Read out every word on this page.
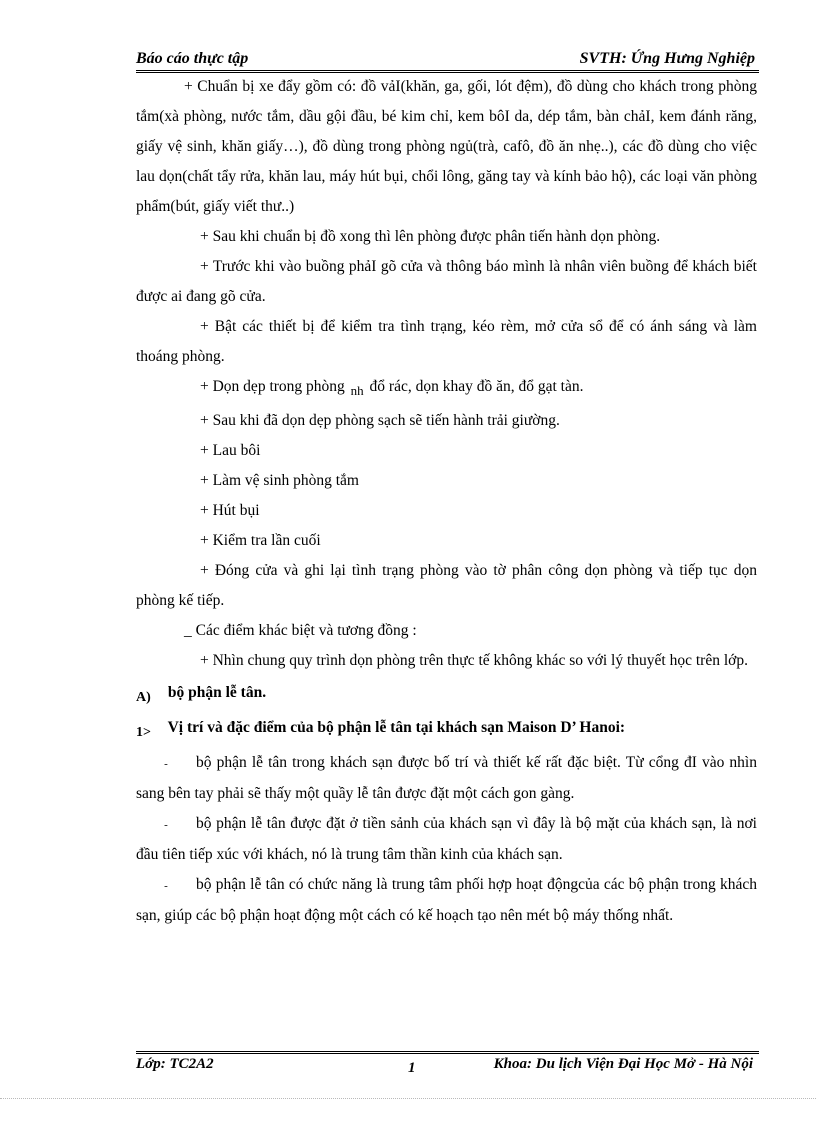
Báo cáo thực tập	SVTH: Ứng Hưng Nghiệp

+ Chuẩn bị xe đẩy gồm có: đồ vảI(khăn, ga, gối, lót đệm), đồ dùng cho khách trong phòng tắm(xà phòng, nước tắm, dầu gội đầu, bé kim chỉ, kem bôI da, dép tắm, bàn chảI, kem đánh răng, giấy vệ sinh, khăn giấy…), đồ dùng trong phòng ngủ(trà, cafô, đồ ăn nhẹ..), các đồ dùng cho việc lau dọn(chất tẩy rửa, khăn lau, máy hút bụi, chổi lông, găng tay và kính bảo hộ), các loại văn phòng phẩm(bút, giấy viết thư..)

+ Sau khi chuẩn bị đồ xong thì lên phòng được phân tiến hành dọn phòng.

+ Trước khi vào buồng phảI gõ cửa và thông báo mình là nhân viên buồng để khách biết được ai đang gõ cửa.

+ Bật các thiết bị để kiểm tra tình trạng, kéo rèm, mở cửa sổ để có ánh sáng và làm thoáng phòng.

+ Dọn dẹp trong phòng $_{nh}$ đổ rác, dọn khay đồ ăn, đổ gạt tàn.

+ Sau khi đã dọn dẹp phòng sạch sẽ tiến hành trải giường.

+ Lau bôi

+ Làm vệ sinh phòng tắm

+ Hút bụi

+ Kiểm tra lần cuối

+ Đóng cửa và ghi lại tình trạng phòng vào tờ phân công dọn phòng và tiếp tục dọn phòng kế tiếp.

_ Các điểm khác biệt và tương đồng :

+ Nhìn chung quy trình dọn phòng trên thực tế không khác so với lý thuyết học trên lớp.

A) bộ phận lễ tân.

1> Vị trí và đặc điểm của bộ phận lễ tân tại khách sạn Maison D’ Hanoi:

- bộ phận lễ tân trong khách sạn được bố trí và thiết kế rất đặc biệt. Từ cổng đI vào nhìn sang bên tay phải sẽ thấy một quầy lễ tân được đặt một cách gon gàng.

- bộ phận lễ tân được đặt ở tiền sảnh của khách sạn vì đây là bộ mặt của khách sạn, là nơi đầu tiên tiếp xúc với khách, nó là trung tâm thần kinh của khách sạn.

- bộ phận lễ tân có chức năng là trung tâm phối hợp hoạt độngcủa các bộ phận trong khách sạn, giúp các bộ phận hoạt động một cách có kế hoạch tạo nên mét bộ máy thống nhất.

Lớp: TC2A2	1	Khoa: Du lịch Viện Đại Học Mở - Hà Nội
